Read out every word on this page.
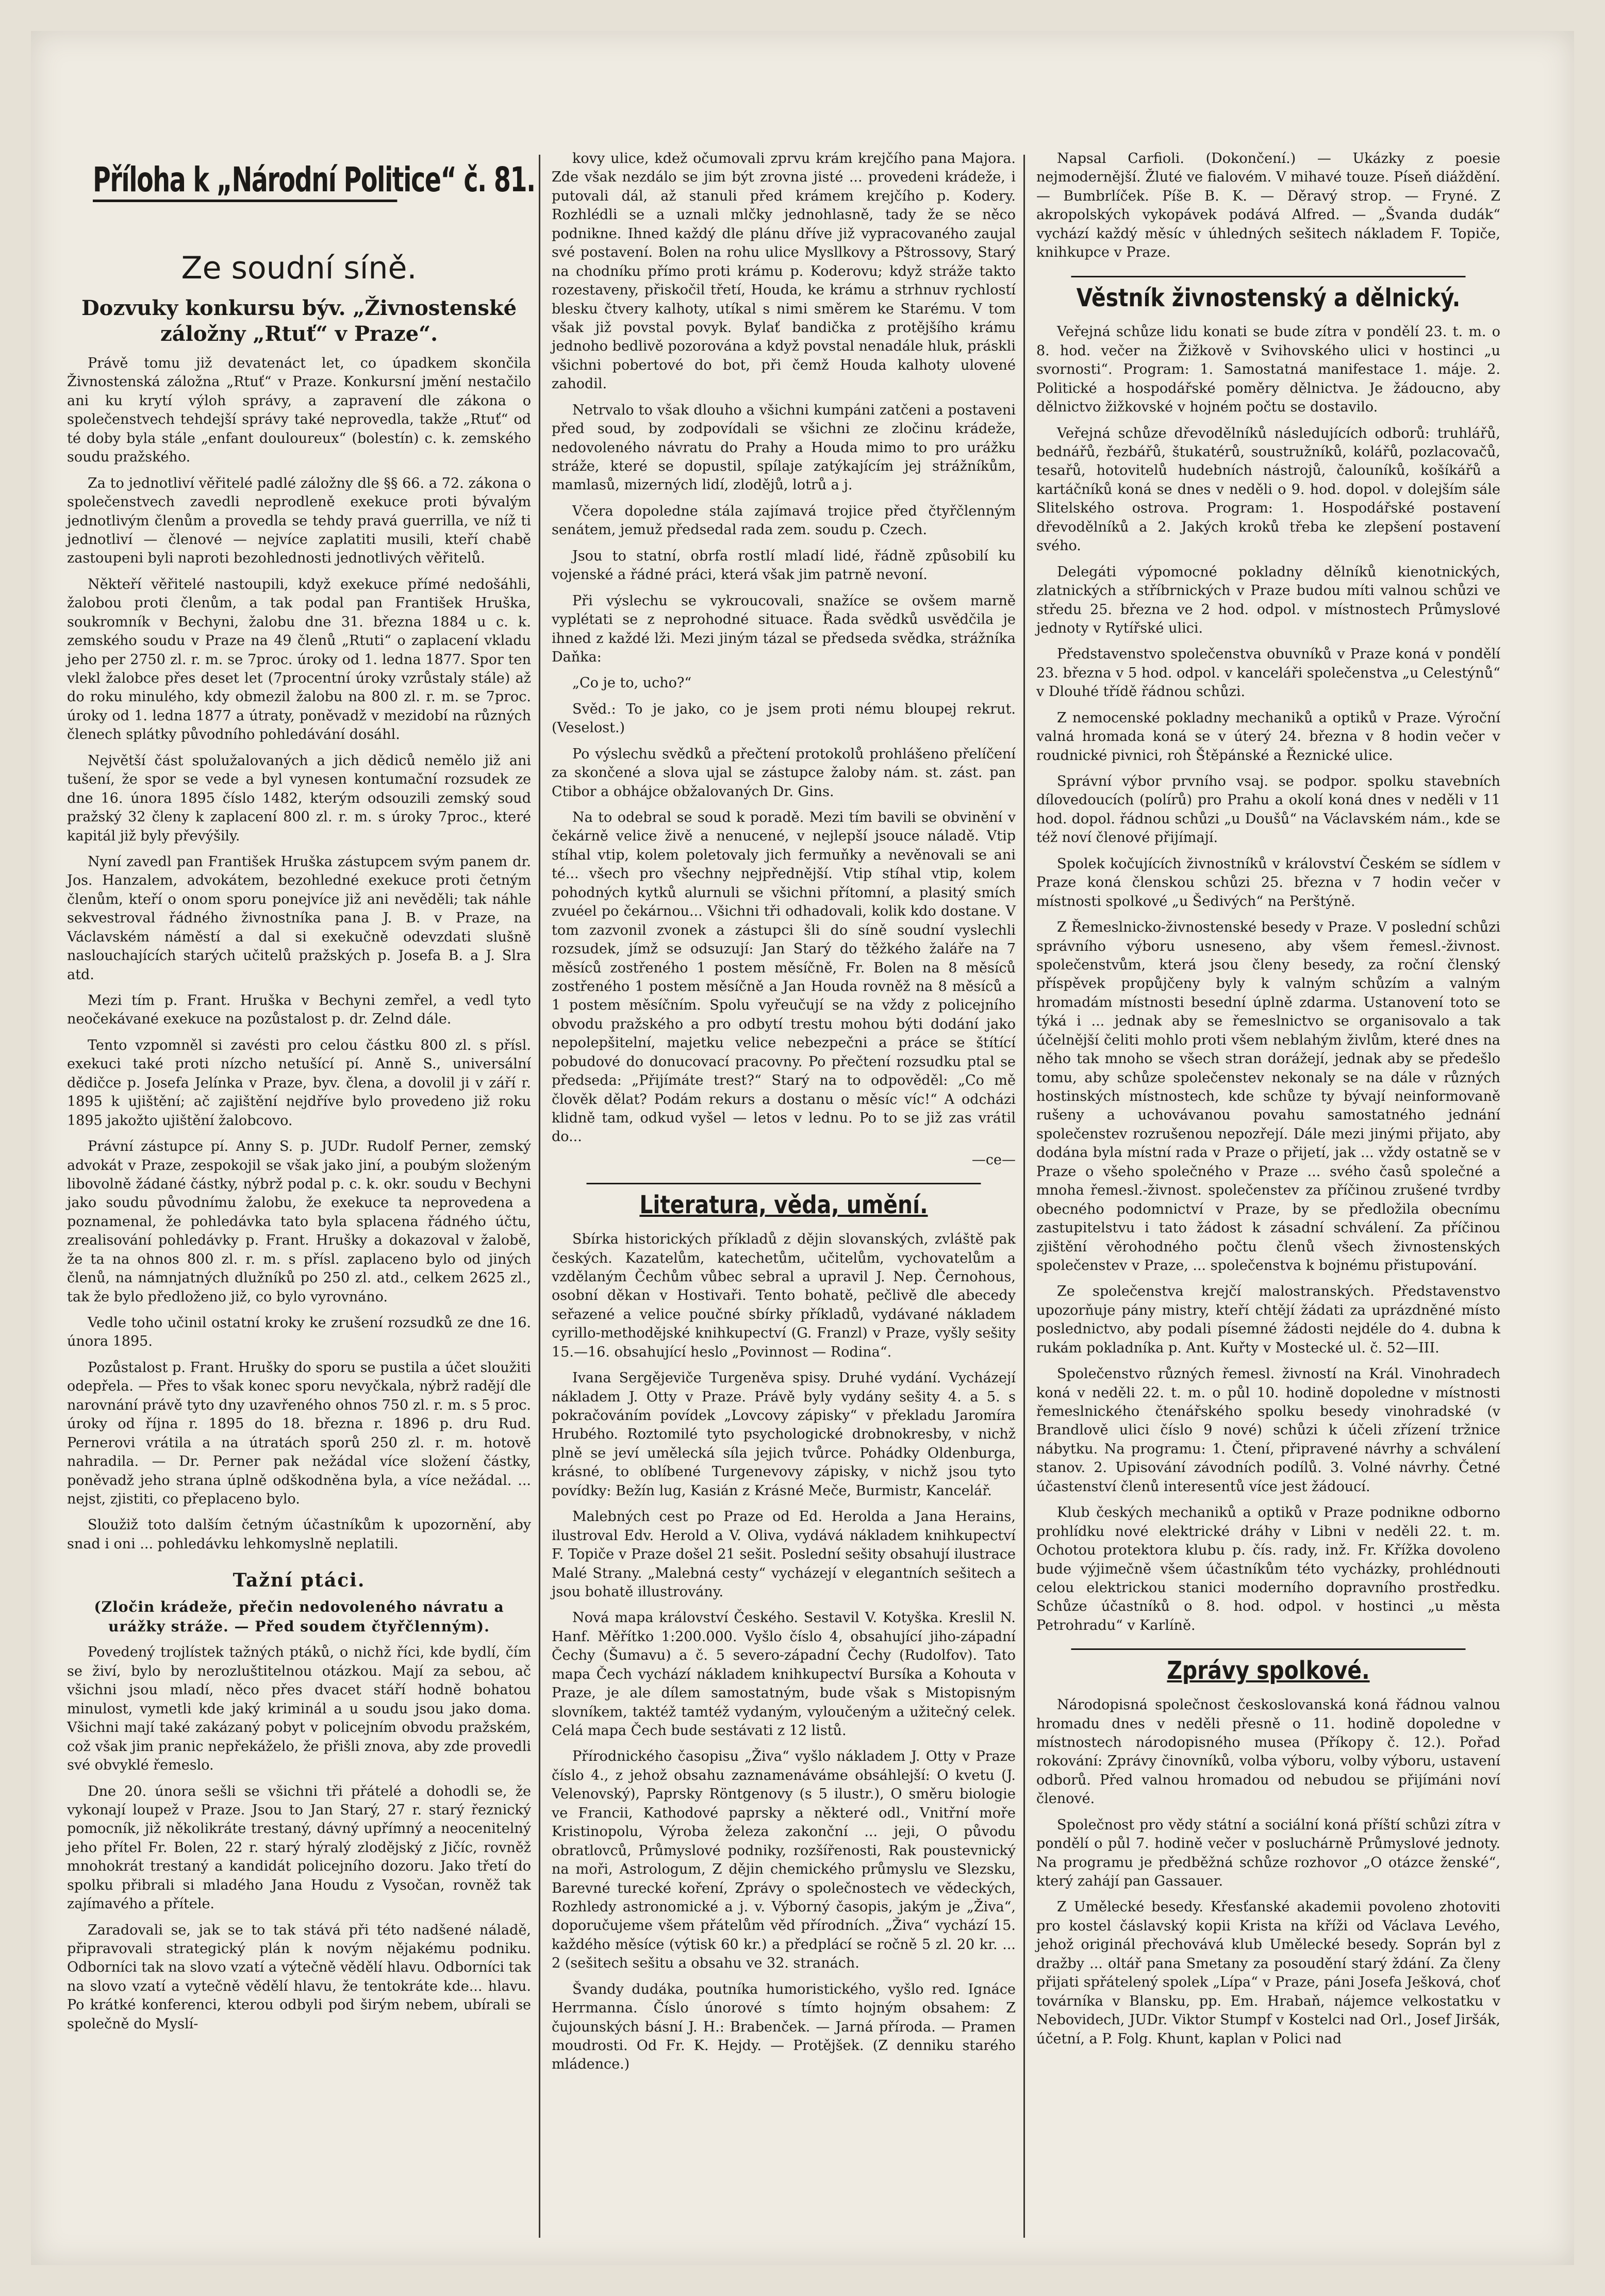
Příloha k „Národní Politice“ č. 81.
Ze soudní síně.
Dozvuky konkursu býv. „Živnostenské záložny „Rtuť“ v Praze“.

Právě tomu již devatenáct let, co úpadkem skončila Živnostenská záložna „Rtuť“ v Praze. Konkursní jmění nestačilo ani ku krytí výloh správy, a zapravení dle zákona o společenstvech tehdejší správy také neprovedla, takže „Rtuť“ od té doby byla stále „enfant douloureux“ (bolestín) c. k. zemského soudu pražského.

Za to jednotliví věřitelé padlé záložny dle §§ 66. a 72. zákona o společenstvech zavedli neprodleně exekuce proti bývalým jednotlivým členům a provedla se tehdy pravá guerrilla, ve níž ti jednotliví — členové — nejvíce zaplatiti musili, kteří chabě zastoupeni byli naproti bezohlednosti jednotlivých věřitelů.

Někteří věřitelé nastoupili, když exekuce přímé nedošáhli, žalobou proti členům, a tak podal pan František Hruška, soukromník v Bechyni, žalobu dne 31. března 1884 u c. k. zemského soudu v Praze na 49 členů „Rtuti“ o zaplacení vkladu jeho per 2750 zl. r. m. se 7proc. úroky od 1. ledna 1877. Spor ten vlekl žalobce přes deset let (7procentní úroky vzrůstaly stále) až do roku minulého, kdy obmezil žalobu na 800 zl. r. m. se 7proc. úroky od 1. ledna 1877 a útraty, poněvadž v mezidobí na různých členech splátky původního pohledávání dosáhl.

Největší část spolužalovaných a jich dědiců nemělo již ani tušení, že spor se vede a byl vynesen kontumační rozsudek ze dne 16. února 1895 číslo 1482, kterým odsouzili zemský soud pražský 32 členy k zaplacení 800 zl. r. m. s úroky 7proc., které kapitál již byly převýšily.

Nyní zavedl pan František Hruška zástupcem svým panem dr. Jos. Hanzalem, advokátem, bezohledné exekuce proti četným členům, kteří o onom sporu ponejvíce již ani nevěděli; tak náhle sekvestroval řádného živnostníka pana J. B. v Praze, na Václavském náměstí a dal si exekučně odevzdati slušně naslouchajících starých učitelů pražských p. Josefa B. a J. Slra atd.

Mezi tím p. Frant. Hruška v Bechyni zemřel, a vedl tyto neočekávané exekuce na pozůstalost p. dr. Zelnd dále.

Tento vzpomněl si zavésti pro celou částku 800 zl. s přísl. exekuci také proti nízcho netušící pí. Anně S., universální dědičce p. Josefa Jelínka v Praze, byv. člena, a dovolil ji v září r. 1895 k ujištění; ač zajištění nejdříve bylo provedeno již roku 1895 jakožto ujištění žalobcovo.

Právní zástupce pí. Anny S. p. JUDr. Rudolf Perner, zemský advokát v Praze, zespokojil se však jako jiní, a poubým složeným libovolně žádané částky, nýbrž podal p. c. k. okr. soudu v Bechyni jako soudu původnímu žalobu, že exekuce ta neprovedena a poznamenal, že pohledávka tato byla splacena řádného účtu, zrealisování pohledávky p. Frant. Hrušky a dokazoval v žalobě, že ta na ohnos 800 zl. r. m. s přísl. zaplaceno bylo od jiných členů, na námnjatných dlužníků po 250 zl. atd., celkem 2625 zl., tak že bylo předloženo již, co bylo vyrovnáno.

Vedle toho učinil ostatní kroky ke zrušení rozsudků ze dne 16. února 1895.

Pozůstalost p. Frant. Hrušky do sporu se pustila a účet sloužiti odepřela. — Přes to však konec sporu nevyčkala, nýbrž radějí dle narovnání právě tyto dny uzavřeného ohnos 750 zl. r. m. s 5 proc. úroky od října r. 1895 do 18. března r. 1896 p. dru Rud. Pernerovi vrátila a na útratách sporů 250 zl. r. m. hotově nahradila. — Dr. Perner pak nežádal více složení částky, poněvadž jeho strana úplně odškodněna byla, a více nežádal. ... nejst, zjistiti, co přeplaceno bylo.

Sloužiž toto dalším četným účastníkům k upozornění, aby snad i oni ... pohledávku lehkomyslně neplatili.

Tažní ptáci.
(Zločin krádeže, přečin nedovoleného návratu a urážky stráže. — Před soudem čtyřčlenným).

Povedený trojlístek tažných ptáků, o nichž říci, kde bydlí, čím se živí, bylo by nerozluštitelnou otázkou. Mají za sebou, ač všichni jsou mladí, něco přes dvacet stáří hodně bohatou minulost, vymetli kde jaký kriminál a u soudu jsou jako doma. Všichni mají také zakázaný pobyt v policejním obvodu pražském, což však jim pranic nepřekáželo, že přišli znova, aby zde provedli své obvyklé řemeslo.

Dne 20. února sešli se všichni tři přátelé a dohodli se, že vykonají loupež v Praze. Jsou to Jan Starý, 27 r. starý řeznický pomocník, již několikráte trestaný, dávný upřímný a neocenitelný jeho přítel Fr. Bolen, 22 r. starý hýralý zlodějský z Jičíc, rovněž mnohokrát trestaný a kandidát policejního dozoru. Jako třetí do spolku přibrali si mladého Jana Houdu z Vysočan, rovněž tak zajímavého a přítele.

Zaradovali se, jak se to tak stává při této nadšené náladě, připravovali strategický plán k novým nějakému podniku. Odborníci tak na slovo vzatí a výtečně vědělí hlavu. Odborníci tak na slovo vzatí a vytečně vědělí hlavu, že tentokráte kde... hlavu. Po krátké konferenci, kterou odbyli pod širým nebem, ubírali se společně do Myslí-

kovy ulice, kdež očumovali zprvu krám krejčího pana Majora. Zde však nezdálo se jim být zrovna jisté ... provedeni krádeže, i putovali dál, až stanuli před krámem krejčího p. Kodery. Rozhlédli se a uznali mlčky jednohlasně, tady že se něco podnikne. Ihned každý dle plánu dříve již vypracovaného zaujal své postavení. Bolen na rohu ulice Mysllkovy a Pštrossovy, Starý na chodníku přímo proti krámu p. Koderovu; když stráže takto rozestaveny, přiskočil třetí, Houda, ke krámu a strhnuv rychlostí blesku čtvery kalhoty, utíkal s nimi směrem ke Starému. V tom však již povstal povyk. Bylať bandička z protějšího krámu jednoho bedlivě pozorována a když povstal nenadále hluk, práskli všichni pobertové do bot, při čemž Houda kalhoty ulovené zahodil.

Netrvalo to však dlouho a všichni kumpáni zatčeni a postaveni před soud, by zodpovídali se všichni ze zločinu krádeže, nedovoleného návratu do Prahy a Houda mimo to pro urážku stráže, které se dopustil, spílaje zatýkajícím jej strážníkům, mamlasů, mizerných lidí, zlodějů, lotrů a j.

Včera dopoledne stála zajímavá trojice před čtyřčlenným senátem, jemuž předsedal rada zem. soudu p. Czech.

Jsou to statní, obrfa rostlí mladí lidé, řádně způsobilí ku vojenské a řádné práci, která však jim patrně nevoní.

Při výslechu se vykroucovali, snažíce se ovšem marně vyplétati se z neprohodné situace. Řada svědků usvědčila je ihned z každé lži. Mezi jiným tázal se předseda svědka, strážníka Daňka:

„Co je to, ucho?“

Svěd.: To je jako, co je jsem proti nému bloupej rekrut. (Veselost.)

Po výslechu svědků a přečtení protokolů prohlášeno přelíčení za skončené a slova ujal se zástupce žaloby nám. st. zást. pan Ctibor a obhájce obžalovaných Dr. Gins.

Na to odebral se soud k poradě. Mezi tím bavili se obvinění v čekárně velice živě a nenucené, v nejlepší jsouce náladě. Vtip stíhal vtip, kolem poletovaly jich fermuňky a nevěnovali se ani té... všech pro všechny nejpřednější. Vtip stíhal vtip, kolem pohodných kytků alurnuli se všichni přítomní, a plasitý smích zvuéel po čekárnou... Všichni tři odhadovali, kolik kdo dostane. V tom zazvonil zvonek a zástupci šli do síně soudní vyslechli rozsudek, jímž se odsuzují: Jan Starý do těžkého žaláře na 7 měsíců zostřeného 1 postem měsíčně, Fr. Bolen na 8 měsíců zostřeného 1 postem měsíčně a Jan Houda rovněž na 8 měsíců a 1 postem měsíčním. Spolu vyřeučují se na vždy z policejního obvodu pražského a pro odbytí trestu mohou býti dodání jako nepolepšitelní, majetku velice nebezpečni a práce se štítící pobudové do donucovací pracovny. Po přečtení rozsudku ptal se předseda: „Přijímáte trest?“ Starý na to odpověděl: „Co mě člověk dělat? Podám rekurs a dostanu o měsíc víc!“ A odcházi klidně tam, odkud vyšel — letos v lednu. Po to se již zas vrátil do...

—ce—
Literatura, věda, umění.

Sbírka historických příkladů z dějin slovanských, zvláště pak českých. Kazatelům, katechetům, učitelům, vychovatelům a vzdělaným Čechům vůbec sebral a upravil J. Nep. Černohous, osobní děkan v Hostivaři. Tento bohatě, pečlivě dle abecedy seřazené a velice poučné sbírky příkladů, vydávané nákladem cyrillo-methodějské knihkupectví (G. Franzl) v Praze, vyšly sešity 15.—16. obsahující heslo „Povinnost — Rodina“.

Ivana Sergějeviče Turgeněva spisy. Druhé vydání. Vycházejí nákladem J. Otty v Praze. Právě byly vydány sešity 4. a 5. s pokračováním povídek „Lovcovy zápisky“ v překladu Jaromíra Hrubého. Roztomilé tyto psychologické drobnokresby, v nichž plně se jeví umělecká síla jejich tvůrce. Pohádky Oldenburga, krásné, to oblíbené Turgenevovy zápisky, v nichž jsou tyto povídky: Bežín lug, Kasián z Krásné Meče, Burmistr, Kancelář.

Malebných cest po Praze od Ed. Herolda a Jana Herains, ilustroval Edv. Herold a V. Oliva, vydává nákladem knihkupectví F. Topiče v Praze došel 21 sešit. Poslední sešity obsahují ilustrace Malé Strany. „Malebná cesty“ vycházejí v elegantních sešitech a jsou bohatě illustrovány.

Nová mapa království Českého. Sestavil V. Kotyška. Kreslil N. Hanf. Měřítko 1:200.000. Vyšlo číslo 4, obsahující jiho-západní Čechy (Šumavu) a č. 5 severo-západní Čechy (Rudolfov). Tato mapa Čech vychází nákladem knihkupectví Bursíka a Kohouta v Praze, je ale dílem samostatným, bude však s Mistopisným slovníkem, taktéž tamtéž vydaným, vyloučeným a užitečný celek. Celá mapa Čech bude sestávati z 12 listů.

Přírodnického časopisu „Živa“ vyšlo nákladem J. Otty v Praze číslo 4., z jehož obsahu zaznamenáváme obsáhlejší: O kvetu (J. Velenovský), Paprsky Röntgenovy (s 5 ilustr.), O směru biologie ve Francii, Kathodové paprsky a některé odl., Vnitřní moře Kristinopolu, Výroba železa zakonční ... jeji, O původu obratlovců, Průmyslové podniky, rozšířenosti, Rak poustevnický na moři, Astrologum, Z dějin chemického průmyslu ve Slezsku, Barevné turecké koření, Zprávy o společnostech ve vědeckých, Rozhledy astronomické a j. v. Výborný časopis, jakým je „Živa“, doporučujeme všem přátelům věd přírodních. „Živa“ vychází 15. každého měsíce (výtisk 60 kr.) a předplácí se ročně 5 zl. 20 kr. ... 2 (sešitech sešitu a obsahu ve 32. stranách.

Švandy dudáka, poutníka humoristického, vyšlo red. Ignáce Herrmanna. Číslo únorové s tímto hojným obsahem: Z čujounských básní J. H.: Brabenček. — Jarná příroda. — Pramen moudrosti. Od Fr. K. Hejdy. — Protějšek. (Z denniku starého mládence.)

Napsal Carfioli. (Dokončení.) — Ukázky z poesie nejmodernější. Žluté ve fialovém. V mihavé touze. Píseň diáždění. — Bumbrlíček. Píše B. K. — Děravý strop. — Fryné. Z akropolských vykopávek podává Alfred. — „Švanda dudák“ vychází každý měsíc v úhledných sešitech nákladem F. Topiče, knihkupce v Praze.

Věstník živnostenský a dělnický.

Veřejná schůze lidu konati se bude zítra v pondělí 23. t. m. o 8. hod. večer na Žižkově v Svihovského ulici v hostinci „u svornosti“. Program: 1. Samostatná manifestace 1. máje. 2. Politické a hospodářské poměry dělnictva. Je žádoucno, aby dělnictvo žižkovské v hojném počtu se dostavilo.

Veřejná schůze dřevodělníků následujících odborů: truhlářů, bednářů, řezbářů, štukatérů, soustružníků, kolářů, pozlacovačů, tesařů, hotovitelů hudebních nástrojů, čalouníků, košíkářů a kartáčníků koná se dnes v neděli o 9. hod. dopol. v dolejším sále Slitelského ostrova. Program: 1. Hospodářské postavení dřevodělníků a 2. Jakých kroků třeba ke zlepšení postavení svého.

Delegáti výpomocné pokladny dělníků kienotnických, zlatnických a stříbrnických v Praze budou míti valnou schůzi ve středu 25. března ve 2 hod. odpol. v místnostech Průmyslové jednoty v Rytířské ulici.

Představenstvo společenstva obuvníků v Praze koná v pondělí 23. března v 5 hod. odpol. v kanceláři společenstva „u Celestýnů“ v Dlouhé třídě řádnou schůzi.

Z nemocenské pokladny mechaniků a optiků v Praze. Výroční valná hromada koná se v úterý 24. března v 8 hodin večer v roudnické pivnici, roh Štěpánské a Řeznické ulice.

Správní výbor prvního vsaj. se podpor. spolku stavebních dílovedoucích (polírů) pro Prahu a okolí koná dnes v neděli v 11 hod. dopol. řádnou schůzi „u Doušů“ na Václavském nám., kde se též noví členové přijímají.

Spolek kočujících živnostníků v království Českém se sídlem v Praze koná členskou schůzi 25. března v 7 hodin večer v místnosti spolkové „u Šedivých“ na Perštýně.

Z Řemeslnicko-živnostenské besedy v Praze. V poslední schůzi správního výboru usneseno, aby všem řemesl.-živnost. společenstvům, která jsou členy besedy, za roční členský příspěvek propůjčeny byly k valným schůzím a valným hromadám místnosti besední úplně zdarma. Ustanovení toto se týká i ... jednak aby se řemeslnictvo se organisovalo a tak účelnější čeliti mohlo proti všem neblahým živlům, které dnes na něho tak mnoho se všech stran dorážejí, jednak aby se předešlo tomu, aby schůze společenstev nekonaly se na dále v různých hostinských místnostech, kde schůze ty bývají neinformovaně rušeny a uchovávanou povahu samostatného jednání společenstev rozrušenou nepozřejí. Dále mezi jinými přijato, aby dodána byla místní rada v Praze o přijetí, jak ... vždy ostatně se v Praze o všeho společného v Praze ... svého časů společné a mnoha řemesl.-živnost. společenstev za příčinou zrušené tvrdby obecného podomnictví v Praze, by se předložila obecnímu zastupitelstvu i tato žádost k zásadní schválení. Za příčinou zjištění věrohodného počtu členů všech živnostenských společenstev v Praze, ... společenstva k bojnému přistupování.

Ze společenstva krejčí malostranských. Představenstvo upozorňuje pány mistry, kteří chtějí žádati za uprázdněné místo poslednictvo, aby podali písemné žádosti nejdéle do 4. dubna k rukám pokladníka p. Ant. Kuřty v Mostecké ul. č. 52—III.

Společenstvo různých řemesl. živností na Král. Vinohradech koná v neděli 22. t. m. o půl 10. hodině dopoledne v místnosti řemeslnického čtenářského spolku besedy vinohradské (v Brandlově ulici číslo 9 nové) schůzi k účeli zřízení tržnice nábytku. Na programu: 1. Čtení, připravené návrhy a schválení stanov. 2. Upisování závodních podílů. 3. Volné návrhy. Četné účastenství členů interesentů více jest žádoucí.

Klub českých mechaniků a optiků v Praze podnikne odborno prohlídku nové elektrické dráhy v Libni v neděli 22. t. m. Ochotou protektora klubu p. čís. rady, inž. Fr. Křížka dovoleno bude výjimečně všem účastníkům této vycházky, prohlédnouti celou elektrickou stanici moderního dopravního prostředku. Schůze účastníků o 8. hod. odpol. v hostinci „u města Petrohradu“ v Karlíně.

Zprávy spolkové.

Národopisná společnost českoslovanská koná řádnou valnou hromadu dnes v neděli přesně o 11. hodině dopoledne v místnostech národopisného musea (Příkopy č. 12.). Pořad rokování: Zprávy činovníků, volba výboru, volby výboru, ustavení odborů. Před valnou hromadou od nebudou se přijímáni noví členové.

Společnost pro vědy státní a sociální koná příští schůzi zítra v pondělí o půl 7. hodině večer v posluchárně Průmyslové jednoty. Na programu je předběžná schůze rozhovor „O otázce ženské“, který zahájí pan Gassauer.

Z Umělecké besedy. Křesťanské akademii povoleno zhotoviti pro kostel čáslavský kopii Krista na kříži od Václava Levého, jehož originál přechovává klub Umělecké besedy. Soprán byl z dražby ... oltář pana Smetany za posoudění starý ždání. Za členy přijati spřátelený spolek „Lípa“ v Praze, páni Josefa Ješková, choť továrníka v Blansku, pp. Em. Hrabaň, nájemce velkostatku v Nebovidech, JUDr. Viktor Stumpf v Kostelci nad Orl., Josef Jiršák, účetní, a P. Folg. Khunt, kaplan v Polici nad
